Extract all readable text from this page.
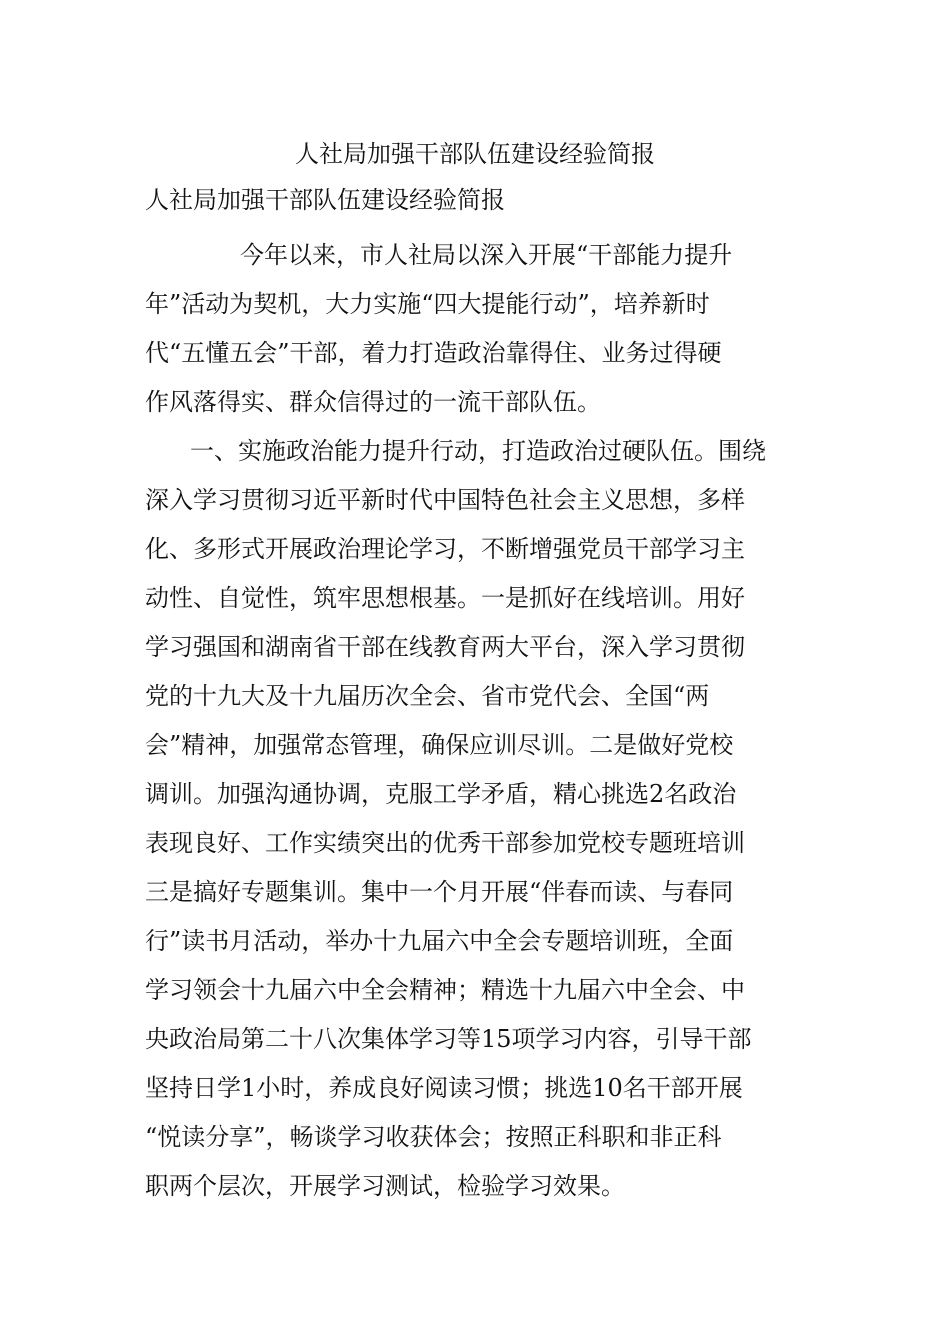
人社局加强干部队伍建设经验简报
人社局加强干部队伍建设经验简报
今年以来，市人社局以深入开展“干部能力提升
年”活动为契机，大力实施“四大提能行动”，培养新时
代“五懂五会”干部，着力打造政治靠得住、业务过得硬
作风落得实、群众信得过的一流干部队伍。
一、实施政治能力提升行动，打造政治过硬队伍。围绕
深入学习贯彻习近平新时代中国特色社会主义思想，多样
化、多形式开展政治理论学习，不断增强党员干部学习主
动性、自觉性，筑牢思想根基。一是抓好在线培训。用好
学习强国和湖南省干部在线教育两大平台，深入学习贯彻
党的十九大及十九届历次全会、省市党代会、全国“两
会”精神，加强常态管理，确保应训尽训。二是做好党校
调训。加强沟通协调，克服工学矛盾，精心挑选2名政治
表现良好、工作实绩突出的优秀干部参加党校专题班培训
三是搞好专题集训。集中一个月开展“伴春而读、与春同
行”读书月活动，举办十九届六中全会专题培训班，全面
学习领会十九届六中全会精神；精选十九届六中全会、中
央政治局第二十八次集体学习等15项学习内容，引导干部
坚持日学1小时，养成良好阅读习惯；挑选10名干部开展
“悦读分享”，畅谈学习收获体会；按照正科职和非正科
职两个层次，开展学习测试，检验学习效果。
